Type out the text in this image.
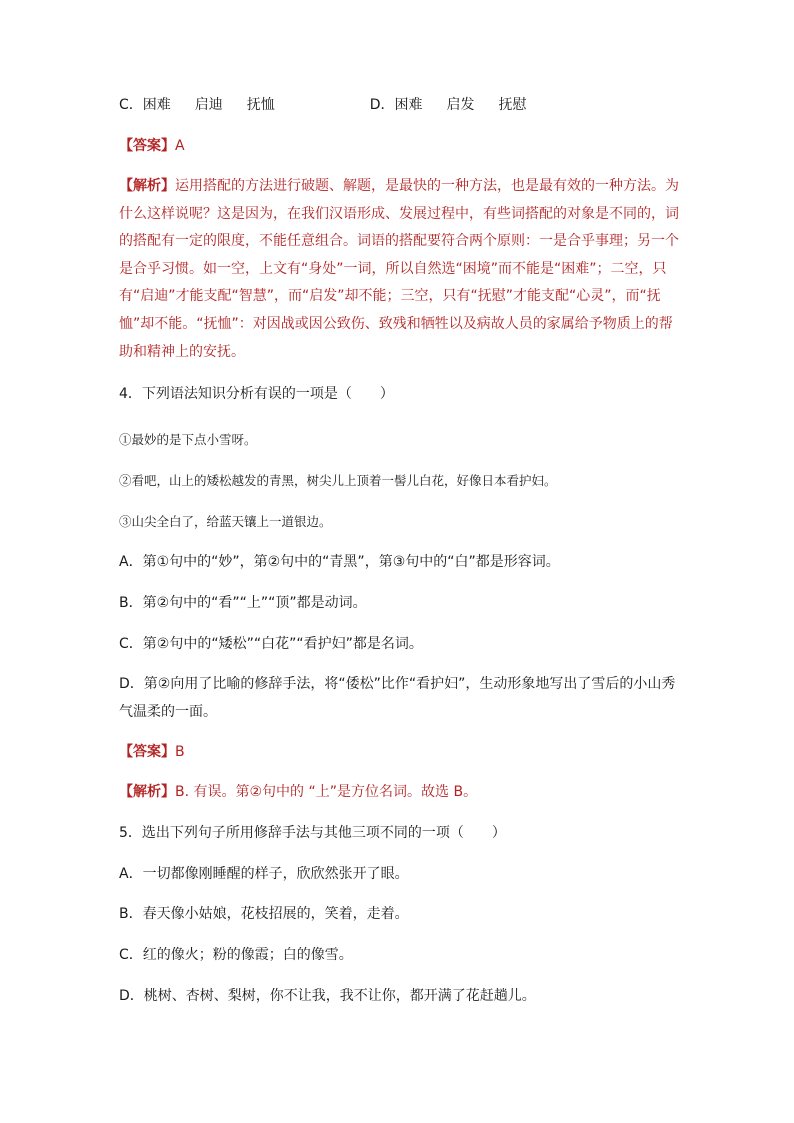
C．困难 启迪 抚恤	D．困难 启发 抚慰
【答案】A
【解析】运用搭配的方法进行破题、解题，是最快的一种方法，也是最有效的一种方法。为什么这样说呢？这是因为，在我们汉语形成、发展过程中，有些词搭配的对象是不同的，词的搭配有一定的限度，不能任意组合。词语的搭配要符合两个原则：一是合乎事理；另一个是合乎习惯。如一空，上文有“身处”一词，所以自然选“困境”而不能是“困难”；二空，只有“启迪”才能支配“智慧”，而“启发”却不能；三空，只有“抚慰”才能支配“心灵”，而“抚恤”却不能。“抚恤”：对因战或因公致伤、致残和牺牲以及病故人员的家属给予物质上的帮助和精神上的安抚。
4．下列语法知识分析有误的一项是（　　）
①最妙的是下点小雪呀。
②看吧，山上的矮松越发的青黑，树尖儿上顶着一髻儿白花，好像日本看护妇。
③山尖全白了，给蓝天镶上一道银边。
A．第①句中的“妙”，第②句中的“青黑”，第③句中的“白”都是形容词。
B．第②句中的“看”“上”“顶”都是动词。
C．第②句中的“矮松”“白花”“看护妇”都是名词。
D．第②向用了比喻的修辞手法，将“倭松”比作“看护妇”，生动形象地写出了雪后的小山秀气温柔的一面。
【答案】B
【解析】B. 有误。第②句中的 “上”是方位名词。故选 B。
5．选出下列句子所用修辞手法与其他三项不同的一项（　　）
A．一切都像刚睡醒的样子，欣欣然张开了眼。
B．春天像小姑娘，花枝招展的，笑着，走着。
C．红的像火；粉的像霞；白的像雪。
D．桃树、杏树、梨树，你不让我，我不让你，都开满了花赶趟儿。
